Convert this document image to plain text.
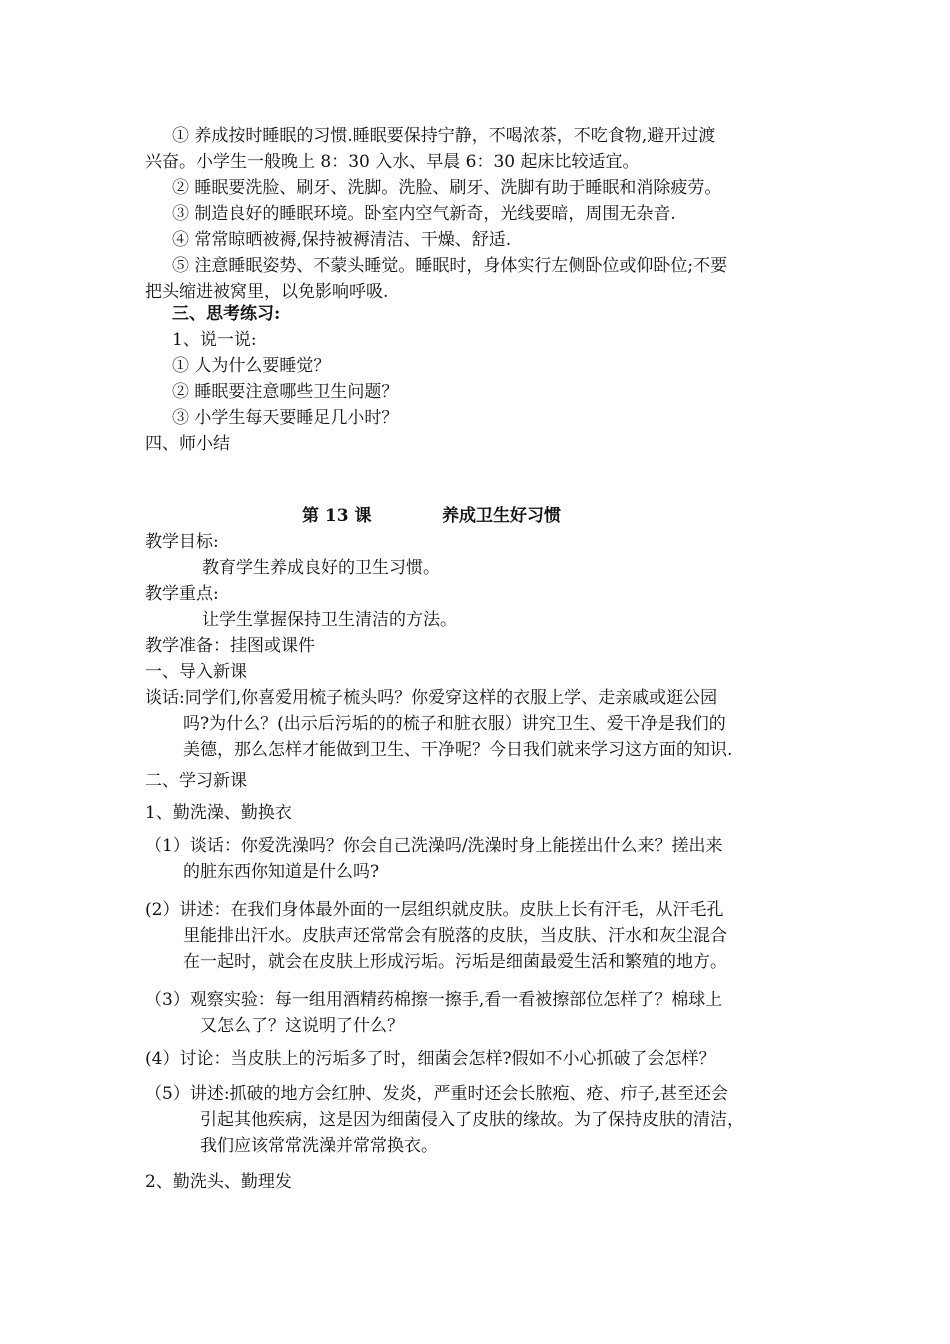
① 养成按时睡眠的习惯.睡眠要保持宁静，不喝浓茶，不吃食物,避开过渡
兴奋。小学生一般晚上 8：30 入水、早晨 6：30 起床比较适宜。
② 睡眠要洗脸、刷牙、洗脚。洗脸、刷牙、洗脚有助于睡眠和消除疲劳。
③ 制造良好的睡眠环境。卧室内空气新奇，光线要暗，周围无杂音.
④ 常常晾晒被褥,保持被褥清洁、干燥、舒适.
⑤ 注意睡眠姿势、不蒙头睡觉。睡眠时，身体实行左侧卧位或仰卧位;不要
把头缩进被窝里，以免影响呼吸.
三、思考练习:
1、说一说:
① 人为什么要睡觉？
② 睡眠要注意哪些卫生问题？
③ 小学生每天要睡足几小时？
四、师小结
第 13 课	养成卫生好习惯
教学目标:
教育学生养成良好的卫生习惯。
教学重点:
让学生掌握保持卫生清洁的方法。
教学准备：挂图或课件
一、导入新课
谈话:同学们,你喜爱用梳子梳头吗？你爱穿这样的衣服上学、走亲戚或逛公园
吗?为什么？(出示后污垢的的梳子和脏衣服）讲究卫生、爱干净是我们的
美德，那么怎样才能做到卫生、干净呢？今日我们就来学习这方面的知识.
二、学习新课
1、勤洗澡、勤换衣
（1）谈话：你爱洗澡吗？你会自己洗澡吗/洗澡时身上能搓出什么来？搓出来
的脏东西你知道是什么吗?
(2）讲述：在我们身体最外面的一层组织就皮肤。皮肤上长有汗毛，从汗毛孔
里能排出汗水。皮肤声还常常会有脱落的皮肤，当皮肤、汗水和灰尘混合
在一起时，就会在皮肤上形成污垢。污垢是细菌最爱生活和繁殖的地方。
（3）观察实验：每一组用酒精药棉擦一擦手,看一看被擦部位怎样了？棉球上
又怎么了？这说明了什么？
(4）讨论：当皮肤上的污垢多了时，细菌会怎样?假如不小心抓破了会怎样？
（5）讲述:抓破的地方会红肿、发炎，严重时还会长脓疱、疮、疖子,甚至还会
引起其他疾病，这是因为细菌侵入了皮肤的缘故。为了保持皮肤的清洁，
我们应该常常洗澡并常常换衣。
2、勤洗头、勤理发
